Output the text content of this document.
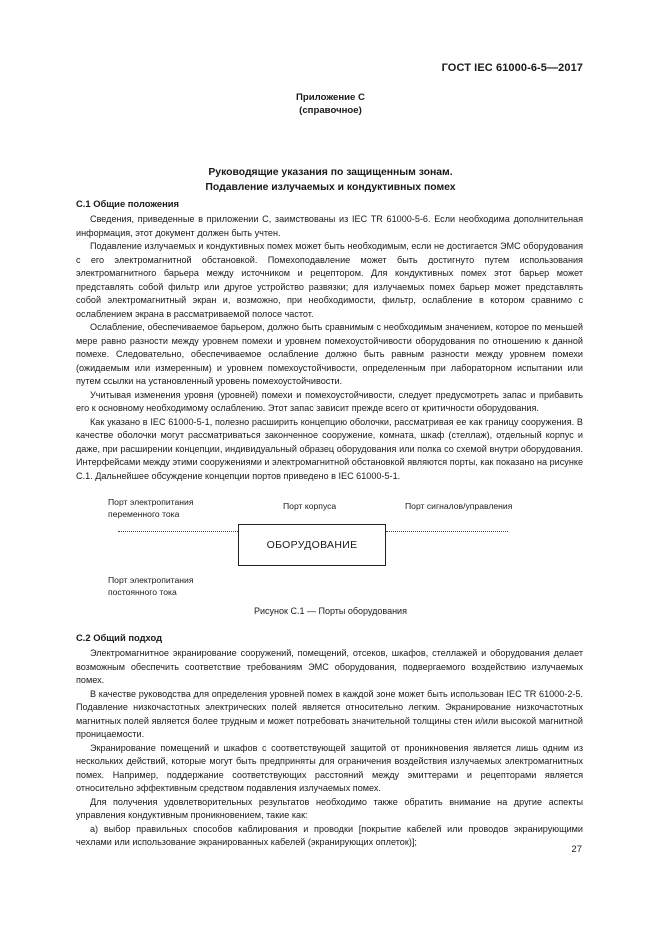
ГОСТ IEC 61000-6-5—2017
Приложение С
(справочное)
Руководящие указания по защищенным зонам.
Подавление излучаемых и кондуктивных помех
С.1 Общие положения

Сведения, приведенные в приложении С, заимствованы из IEC TR 61000-5-6. Если необходима дополнительная информация, этот документ должен быть учтен.

Подавление излучаемых и кондуктивных помех может быть необходимым, если не достигается ЭМС оборудования с его электромагнитной обстановкой. Помехоподавление может быть достигнуто путем использования электромагнитного барьера между источником и рецептором. Для кондуктивных помех этот барьер может представлять собой фильтр или другое устройство развязки; для излучаемых помех барьер может представлять собой электромагнитный экран и, возможно, при необходимости, фильтр, ослабление в котором сравнимо с ослаблением экрана в рассматриваемой полосе частот.

Ослабление, обеспечиваемое барьером, должно быть сравнимым с необходимым значением, которое по меньшей мере равно разности между уровнем помехи и уровнем помехоустойчивости оборудования по отношению к данной помехе. Следовательно, обеспечиваемое ослабление должно быть равным разности между уровнем помехи (ожидаемым или измеренным) и уровнем помехоустойчивости, определенным при лабораторном испытании или путем ссылки на установленный уровень помехоустойчивости.

Учитывая изменения уровня (уровней) помехи и помехоустойчивости, следует предусмотреть запас и прибавить его к основному необходимому ослаблению. Этот запас зависит прежде всего от критичности оборудования.

Как указано в IEC 61000-5-1, полезно расширить концепцию оболочки, рассматривая ее как границу сооружения. В качестве оболочки могут рассматриваться законченное сооружение, комната, шкаф (стеллаж), отдельный корпус и даже, при расширении концепции, индивидуальный образец оборудования или полка со схемой внутри оборудования. Интерфейсами между этими сооружениями и электромагнитной обстановкой являются порты, как показано на рисунке С.1. Дальнейшее обсуждение концепции портов приведено в IEC 61000-5-1.

Порт электропитания
переменного тока
Порт корпуса	Порт сигналов/управления
ОБОРУДОВАНИЕ
Порт электропитания
постоянного тока
Рисунок С.1 — Порты оборудования
С.2 Общий подход

Электромагнитное экранирование сооружений, помещений, отсеков, шкафов, стеллажей и оборудования делает возможным обеспечить соответствие требованиям ЭМС оборудования, подвергаемого воздействию излучаемых помех.

В качестве руководства для определения уровней помех в каждой зоне может быть использован IEC TR 61000-2-5. Подавление низкочастотных электрических полей является относительно легким. Экранирование низкочастотных магнитных полей является более трудным и может потребовать значительной толщины стен и/или высокой магнитной проницаемости.

Экранирование помещений и шкафов с соответствующей защитой от проникновения является лишь одним из нескольких действий, которые могут быть предприняты для ограничения воздействия излучаемых электромагнитных помех. Например, поддержание соответствующих расстояний между эмиттерами и рецепторами является относительно эффективным средством подавления излучаемых помех.

Для получения удовлетворительных результатов необходимо также обратить внимание на другие аспекты управления кондуктивным проникновением, такие как:

а) выбор правильных способов каблирования и проводки [покрытие кабелей или проводов экранирующими чехлами или использование экранированных кабелей (экранирующих оплеток)];

27
